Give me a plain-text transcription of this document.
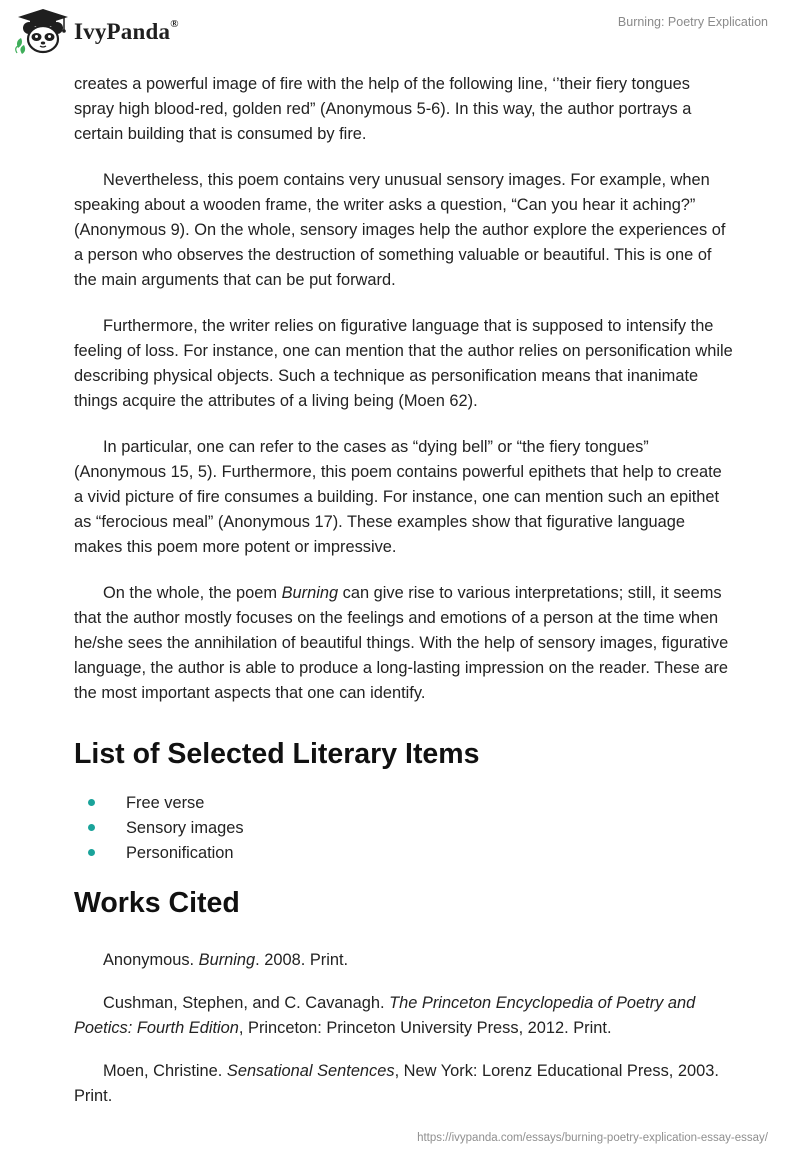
IvyPanda®	Burning: Poetry Explication

creates a powerful image of fire with the help of the following line, ‘’their fiery tongues spray high blood-red, golden red” (Anonymous 5-6). In this way, the author portrays a certain building that is consumed by fire.

Nevertheless, this poem contains very unusual sensory images. For example, when speaking about a wooden frame, the writer asks a question, “Can you hear it aching?” (Anonymous 9). On the whole, sensory images help the author explore the experiences of a person who observes the destruction of something valuable or beautiful. This is one of the main arguments that can be put forward.

Furthermore, the writer relies on figurative language that is supposed to intensify the feeling of loss. For instance, one can mention that the author relies on personification while describing physical objects. Such a technique as personification means that inanimate things acquire the attributes of a living being (Moen 62).

In particular, one can refer to the cases as “dying bell” or “the fiery tongues” (Anonymous 15, 5). Furthermore, this poem contains powerful epithets that help to create a vivid picture of fire consumes a building. For instance, one can mention such an epithet as “ferocious meal” (Anonymous 17). These examples show that figurative language makes this poem more potent or impressive.

On the whole, the poem Burning can give rise to various interpretations; still, it seems that the author mostly focuses on the feelings and emotions of a person at the time when he/she sees the annihilation of beautiful things. With the help of sensory images, figurative language, the author is able to produce a long-lasting impression on the reader. These are the most important aspects that one can identify.

List of Selected Literary Items
Free verse
Sensory images
Personification
Works Cited

Anonymous. Burning. 2008. Print.

Cushman, Stephen, and C. Cavanagh. The Princeton Encyclopedia of Poetry and Poetics: Fourth Edition, Princeton: Princeton University Press, 2012. Print.

Moen, Christine. Sensational Sentences, New York: Lorenz Educational Press, 2003. Print.

https://ivypanda.com/essays/burning-poetry-explication-essay-essay/
